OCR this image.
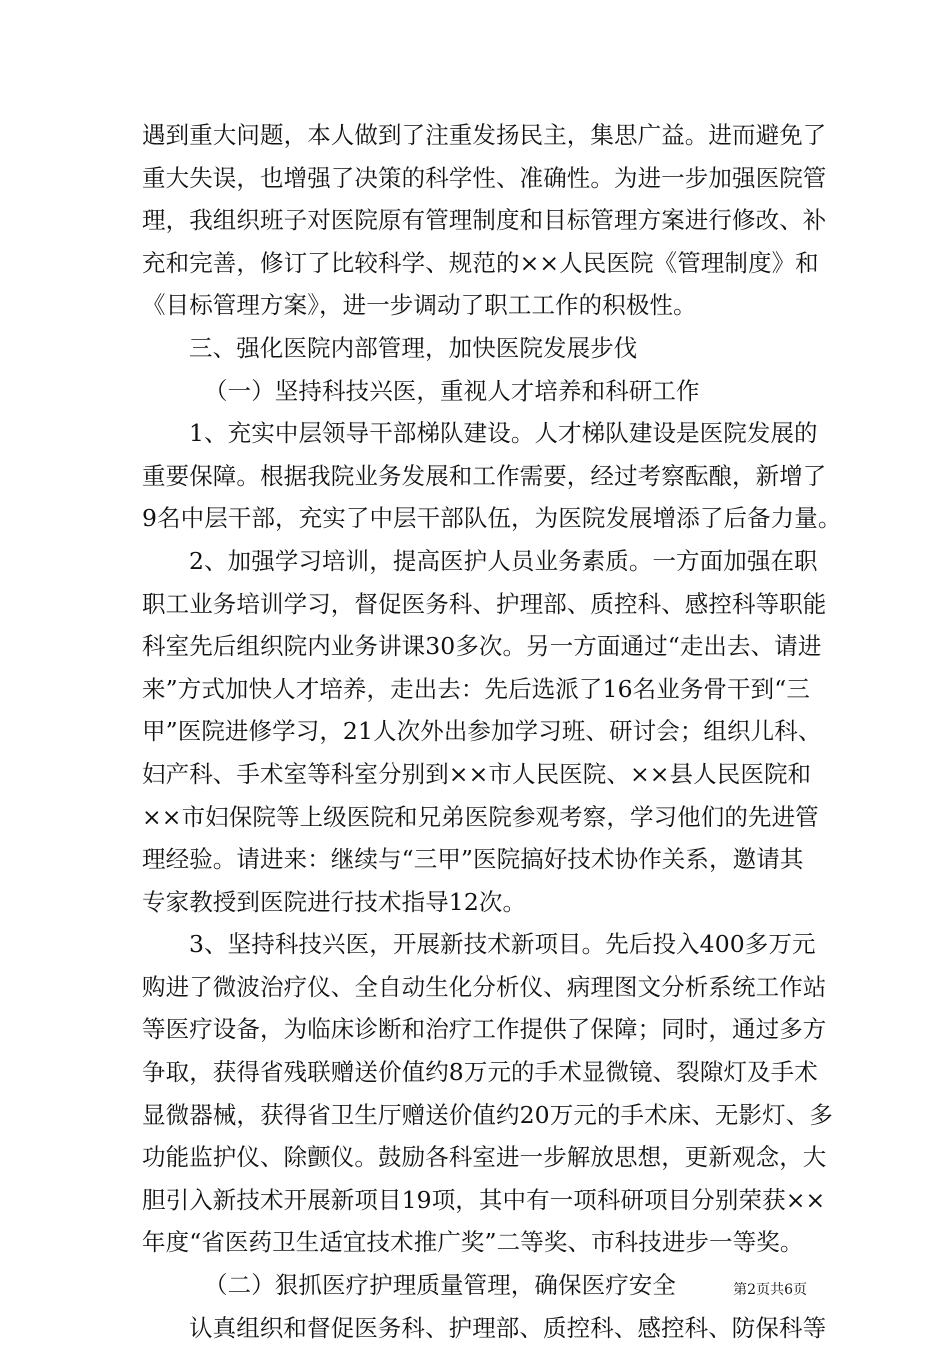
遇到重大问题，本人做到了注重发扬民主，集思广益。进而避免了
重大失误，也增强了决策的科学性、准确性。为进一步加强医院管
理，我组织班子对医院原有管理制度和目标管理方案进行修改、补
充和完善，修订了比较科学、规范的××人民医院《管理制度》和
《目标管理方案》，进一步调动了职工工作的积极性。
三、强化医院内部管理，加快医院发展步伐
（一）坚持科技兴医，重视人才培养和科研工作
1、充实中层领导干部梯队建设。人才梯队建设是医院发展的
重要保障。根据我院业务发展和工作需要，经过考察酝酿，新增了
9名中层干部，充实了中层干部队伍，为医院发展增添了后备力量。
2、加强学习培训，提高医护人员业务素质。一方面加强在职
职工业务培训学习，督促医务科、护理部、质控科、感控科等职能
科室先后组织院内业务讲课30多次。另一方面通过“走出去、请进
来”方式加快人才培养，走出去：先后选派了16名业务骨干到“三
甲”医院进修学习，21人次外出参加学习班、研讨会；组织儿科、
妇产科、手术室等科室分别到××市人民医院、××县人民医院和
××市妇保院等上级医院和兄弟医院参观考察，学习他们的先进管
理经验。请进来：继续与“三甲”医院搞好技术协作关系，邀请其
专家教授到医院进行技术指导12次。
3、坚持科技兴医，开展新技术新项目。先后投入400多万元
购进了微波治疗仪、全自动生化分析仪、病理图文分析系统工作站
等医疗设备，为临床诊断和治疗工作提供了保障；同时，通过多方
争取，获得省残联赠送价值约8万元的手术显微镜、裂隙灯及手术
显微器械，获得省卫生厅赠送价值约20万元的手术床、无影灯、多
功能监护仪、除颤仪。鼓励各科室进一步解放思想，更新观念，大
胆引入新技术开展新项目19项，其中有一项科研项目分别荣获××
年度“省医药卫生适宜技术推广奖”二等奖、市科技进步一等奖。
（二）狠抓医疗护理质量管理，确保医疗安全
认真组织和督促医务科、护理部、质控科、感控科、防保科等
第2页共6页
